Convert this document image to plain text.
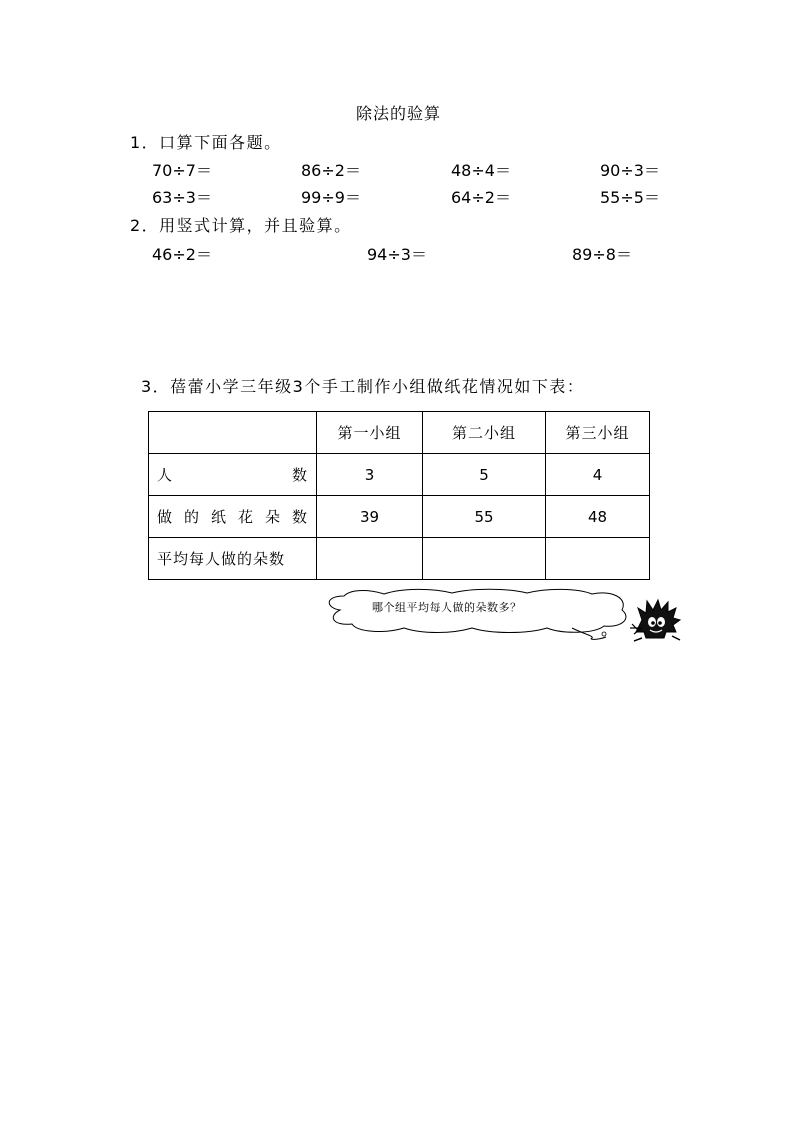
除法的验算
1．口算下面各题。
70÷7＝	86÷2＝	48÷4＝	90÷3＝
63÷3＝	99÷9＝	64÷2＝	55÷5＝
2．用竖式计算，并且验算。
46÷2＝	94÷3＝	89÷8＝
3．蓓蕾小学三年级3个手工制作小组做纸花情况如下表：
	第一小组	第二小组	第三小组
人数	3	5	4
做的纸花朵数	39	55	48
平均每人做的朵数			
哪个组平均每人做的朵数多？
